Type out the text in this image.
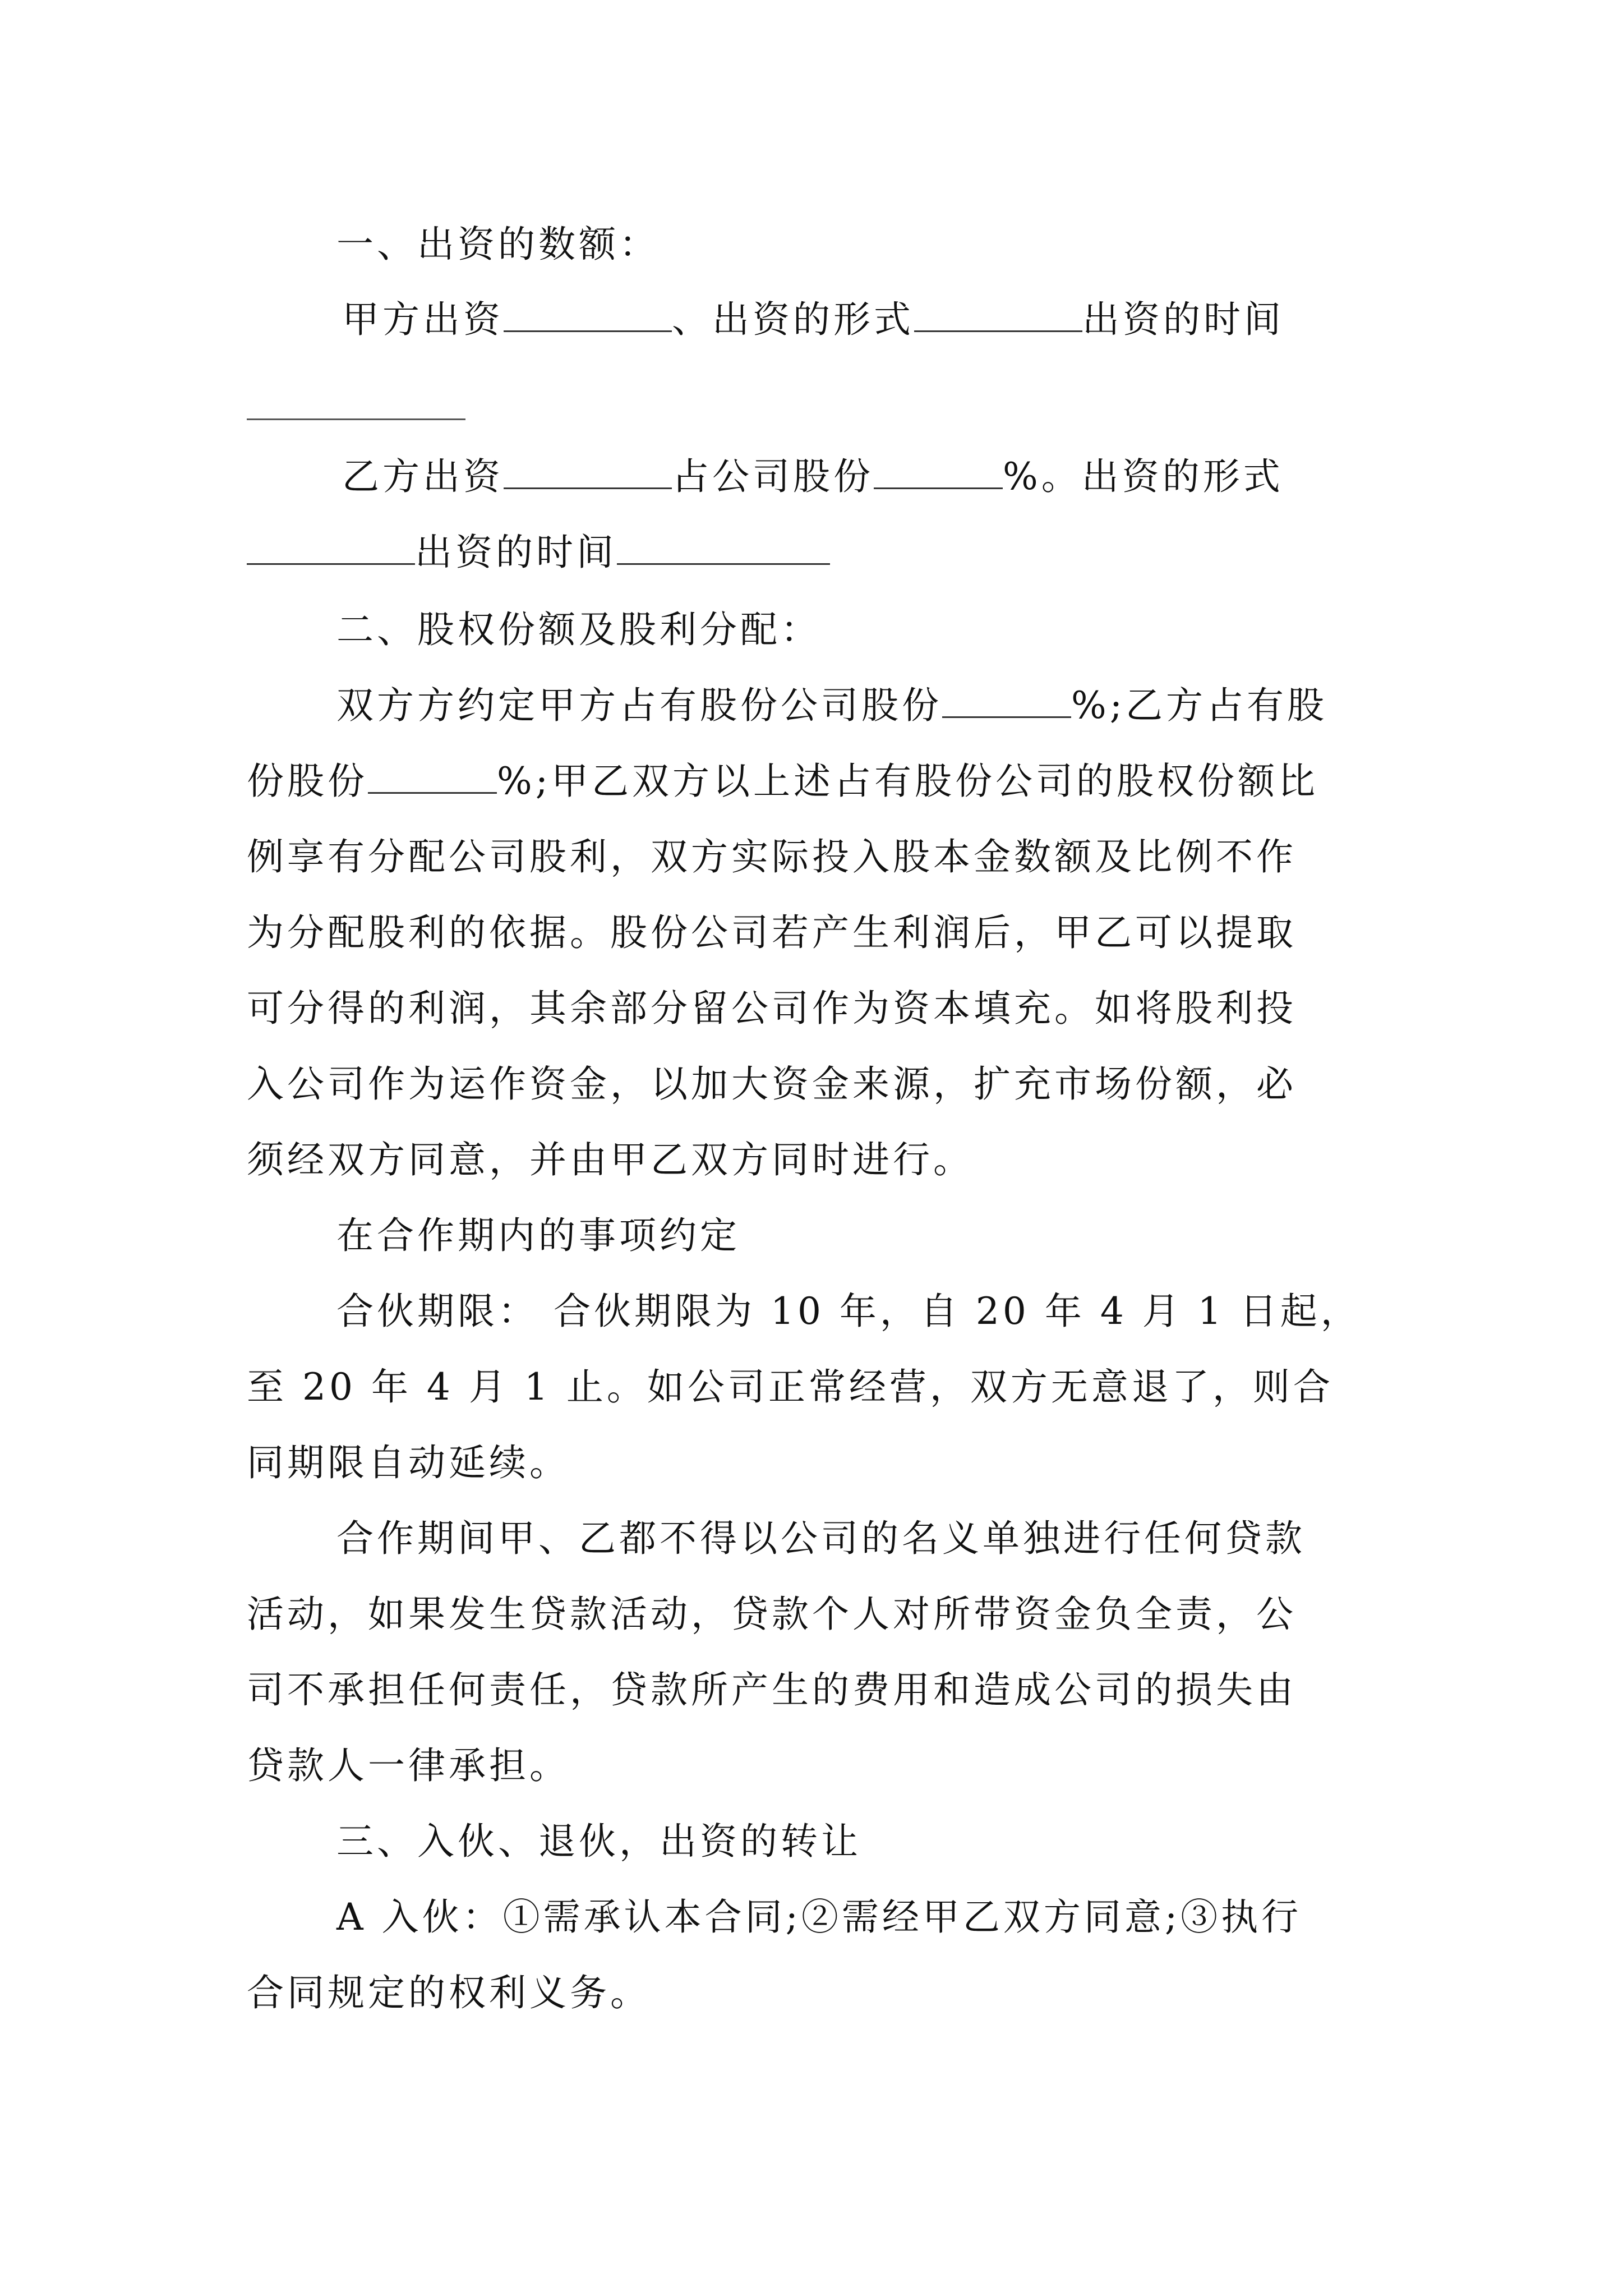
一、出资的数额：
甲方出资	、出资的形式	出资的时间
乙方出资	占公司股份	%。出资的形式
出资的时间
二、股权份额及股利分配：
双方方约定甲方占有股份公司股份	%;乙方占有股
份股份	%;甲乙双方以上述占有股份公司的股权份额比
例享有分配公司股利，双方实际投入股本金数额及比例不作
为分配股利的依据。股份公司若产生利润后，甲乙可以提取
可分得的利润，其余部分留公司作为资本填充。如将股利投
入公司作为运作资金，以加大资金来源，扩充市场份额，必
须经双方同意，并由甲乙双方同时进行。
在合作期内的事项约定
合伙期限： 合伙期限为 10 年，自 20 年 4 月 1 日起，
至 20 年 4 月 1 止。如公司正常经营，双方无意退了，则合
同期限自动延续。
合作期间甲、乙都不得以公司的名义单独进行任何贷款
活动，如果发生贷款活动，贷款个人对所带资金负全责，公
司不承担任何责任，贷款所产生的费用和造成公司的损失由
贷款人一律承担。
三、入伙、退伙，出资的转让
A 入伙：①需承认本合同;②需经甲乙双方同意;③执行
合同规定的权利义务。
